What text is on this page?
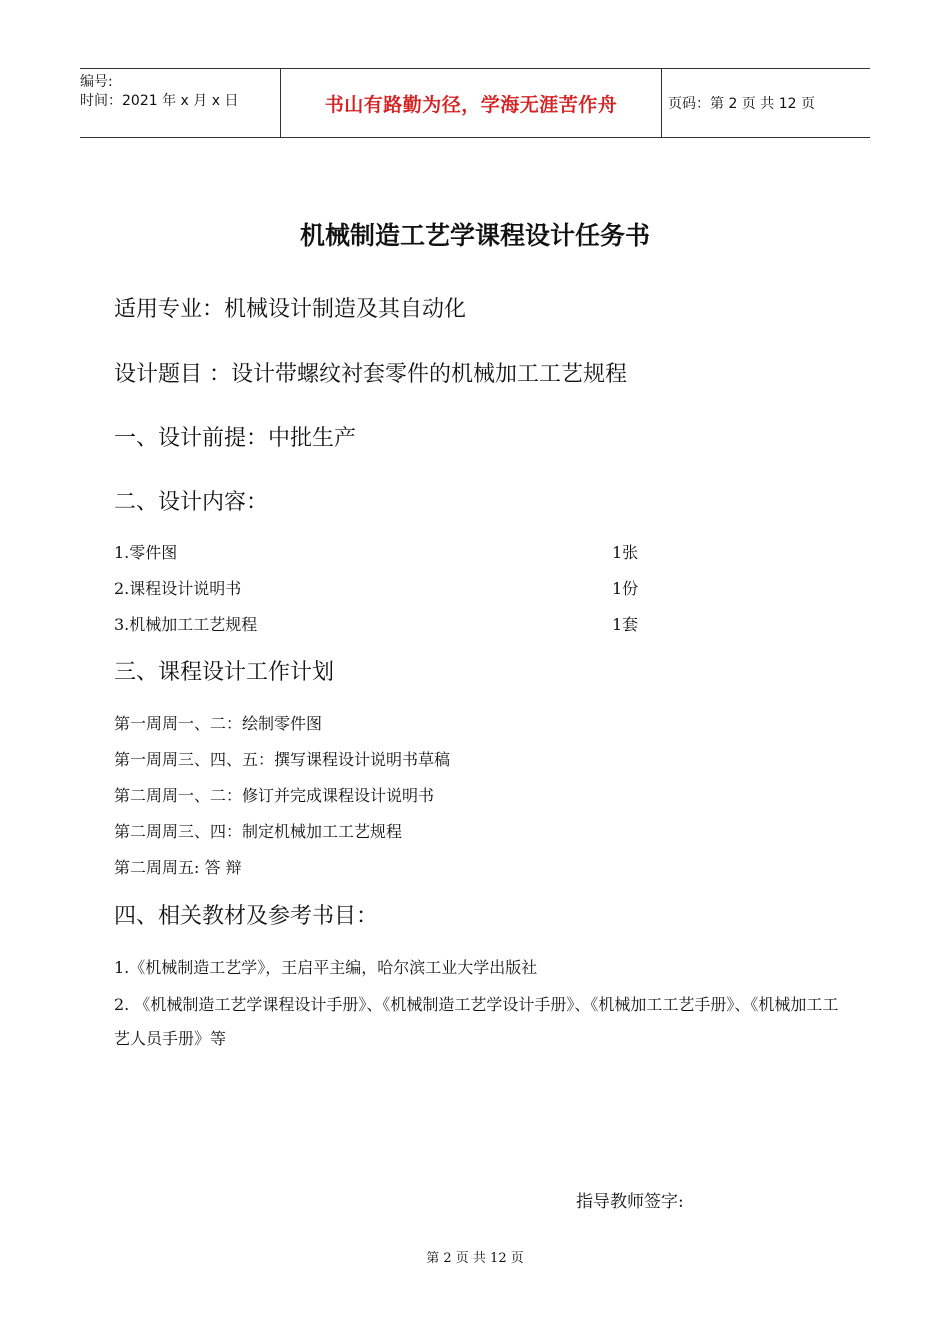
编号:
时间：2021 年 x 月 x 日	书山有路勤为径，学海无涯苦作舟	页码：第 2 页 共 12 页
机械制造工艺学课程设计任务书
适用专业：机械设计制造及其自动化
设计题目 ：设计带螺纹衬套零件的机械加工工艺规程
一、设计前提：中批生产
二、设计内容：
1.零件图	1张
2.课程设计说明书	1份
3.机械加工工艺规程	1套
三、课程设计工作计划
第一周周一、二：绘制零件图
第一周周三、四、五：撰写课程设计说明书草稿
第二周周一、二：修订并完成课程设计说明书
第二周周三、四：制定机械加工工艺规程
第二周周五: 答 辩
四、相关教材及参考书目：
1.《机械制造工艺学》，王启平主编，哈尔滨工业大学出版社
2. 《机械制造工艺学课程设计手册》、《机械制造工艺学设计手册》、《机械加工工艺手册》、《机械加工工艺人员手册》等
指导教师签字:
第 2 页 共 12 页
